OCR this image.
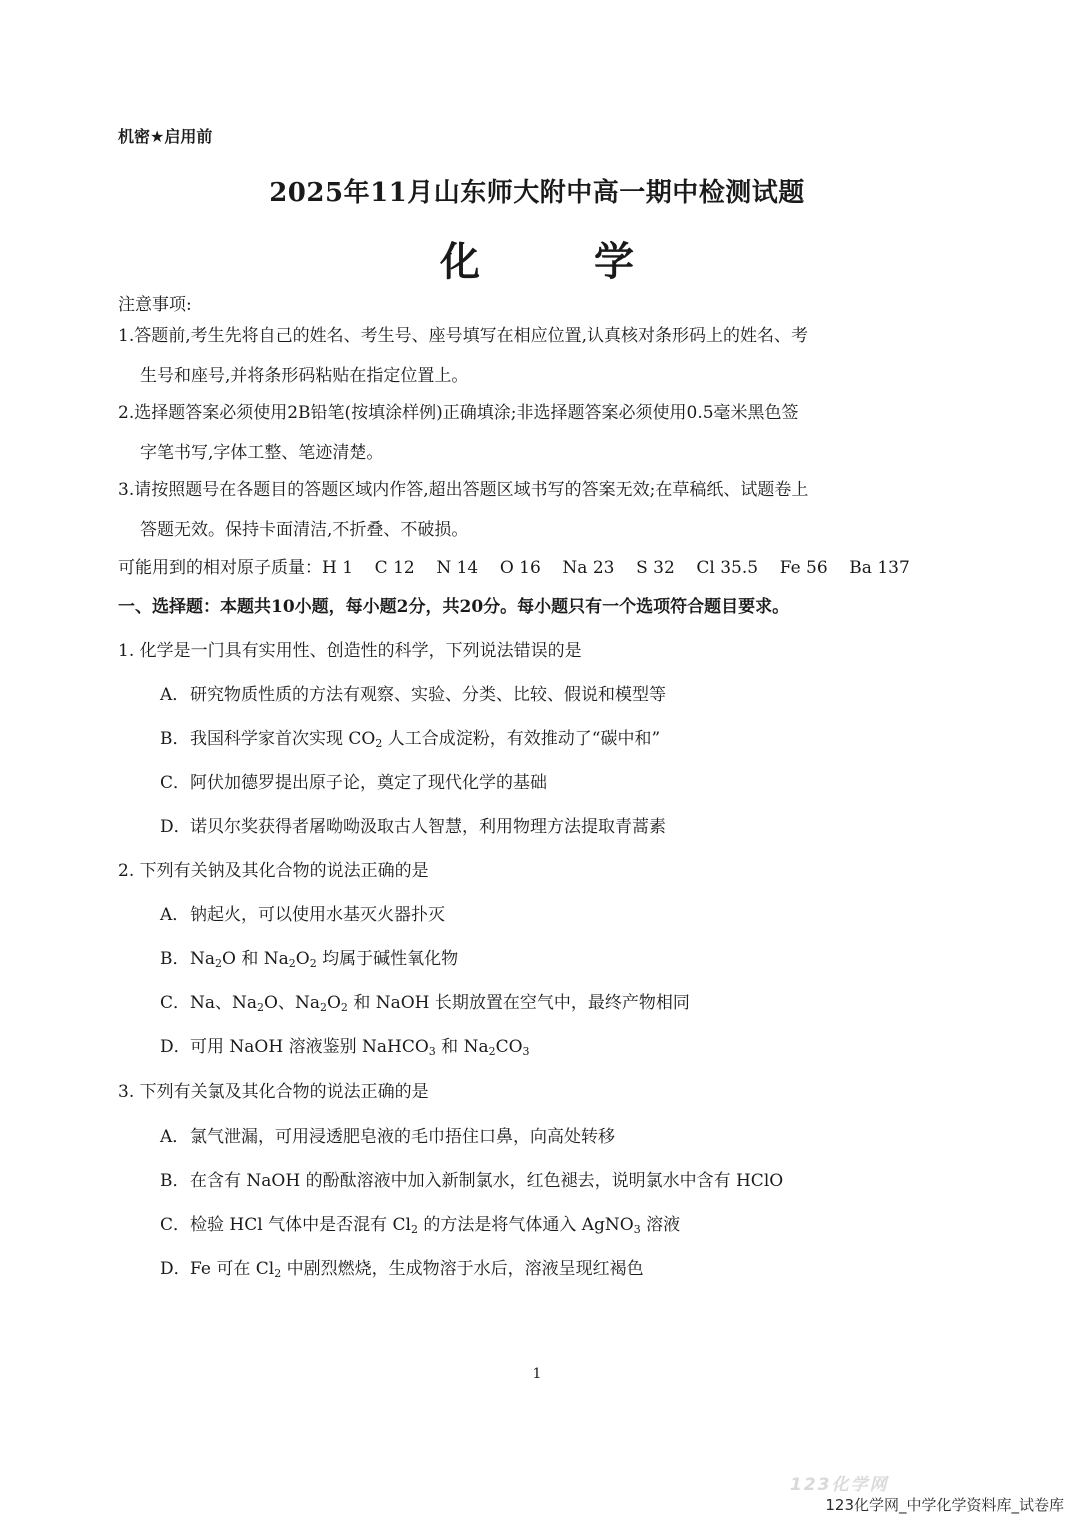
机密★启用前
2025年11月山东师大附中高一期中检测试题
化 学
注意事项:
1.答题前,考生先将自己的姓名、考生号、座号填写在相应位置,认真核对条形码上的姓名、考
生号和座号,并将条形码粘贴在指定位置上。
2.选择题答案必须使用2B铅笔(按填涂样例)正确填涂;非选择题答案必须使用0.5毫米黑色签
字笔书写,字体工整、笔迹清楚。
3.请按照题号在各题目的答题区域内作答,超出答题区域书写的答案无效;在草稿纸、试题卷上
答题无效。保持卡面清洁,不折叠、不破损。
可能用到的相对原子质量：H 1    C 12    N 14    O 16    Na 23    S 32    Cl 35.5    Fe 56    Ba 137
一、选择题：本题共10小题，每小题2分，共20分。每小题只有一个选项符合题目要求。
1. 化学是一门具有实用性、创造性的科学，下列说法错误的是
A．研究物质性质的方法有观察、实验、分类、比较、假说和模型等
B．我国科学家首次实现 $CO_2$ 人工合成淀粉，有效推动了“碳中和”
C．阿伏加德罗提出原子论，奠定了现代化学的基础
D．诺贝尔奖获得者屠呦呦汲取古人智慧，利用物理方法提取青蒿素
2. 下列有关钠及其化合物的说法正确的是
A．钠起火，可以使用水基灭火器扑灭
B．$Na_2O$ 和 $Na_2O_2$ 均属于碱性氧化物
C．Na、$Na_2O$、$Na_2O_2$ 和 NaOH 长期放置在空气中，最终产物相同
D．可用 NaOH 溶液鉴别 NaHCO$_3$ 和 $Na_2CO_3$
3. 下列有关氯及其化合物的说法正确的是
A．氯气泄漏，可用浸透肥皂液的毛巾捂住口鼻，向高处转移
B．在含有 NaOH 的酚酞溶液中加入新制氯水，红色褪去，说明氯水中含有 HClO
C．检验 HCl 气体中是否混有 $Cl_2$ 的方法是将气体通入 AgNO$_3$ 溶液
D．Fe 可在 $Cl_2$ 中剧烈燃烧，生成物溶于水后，溶液呈现红褐色
1
123化学网
123化学网_中学化学资料库_试卷库
